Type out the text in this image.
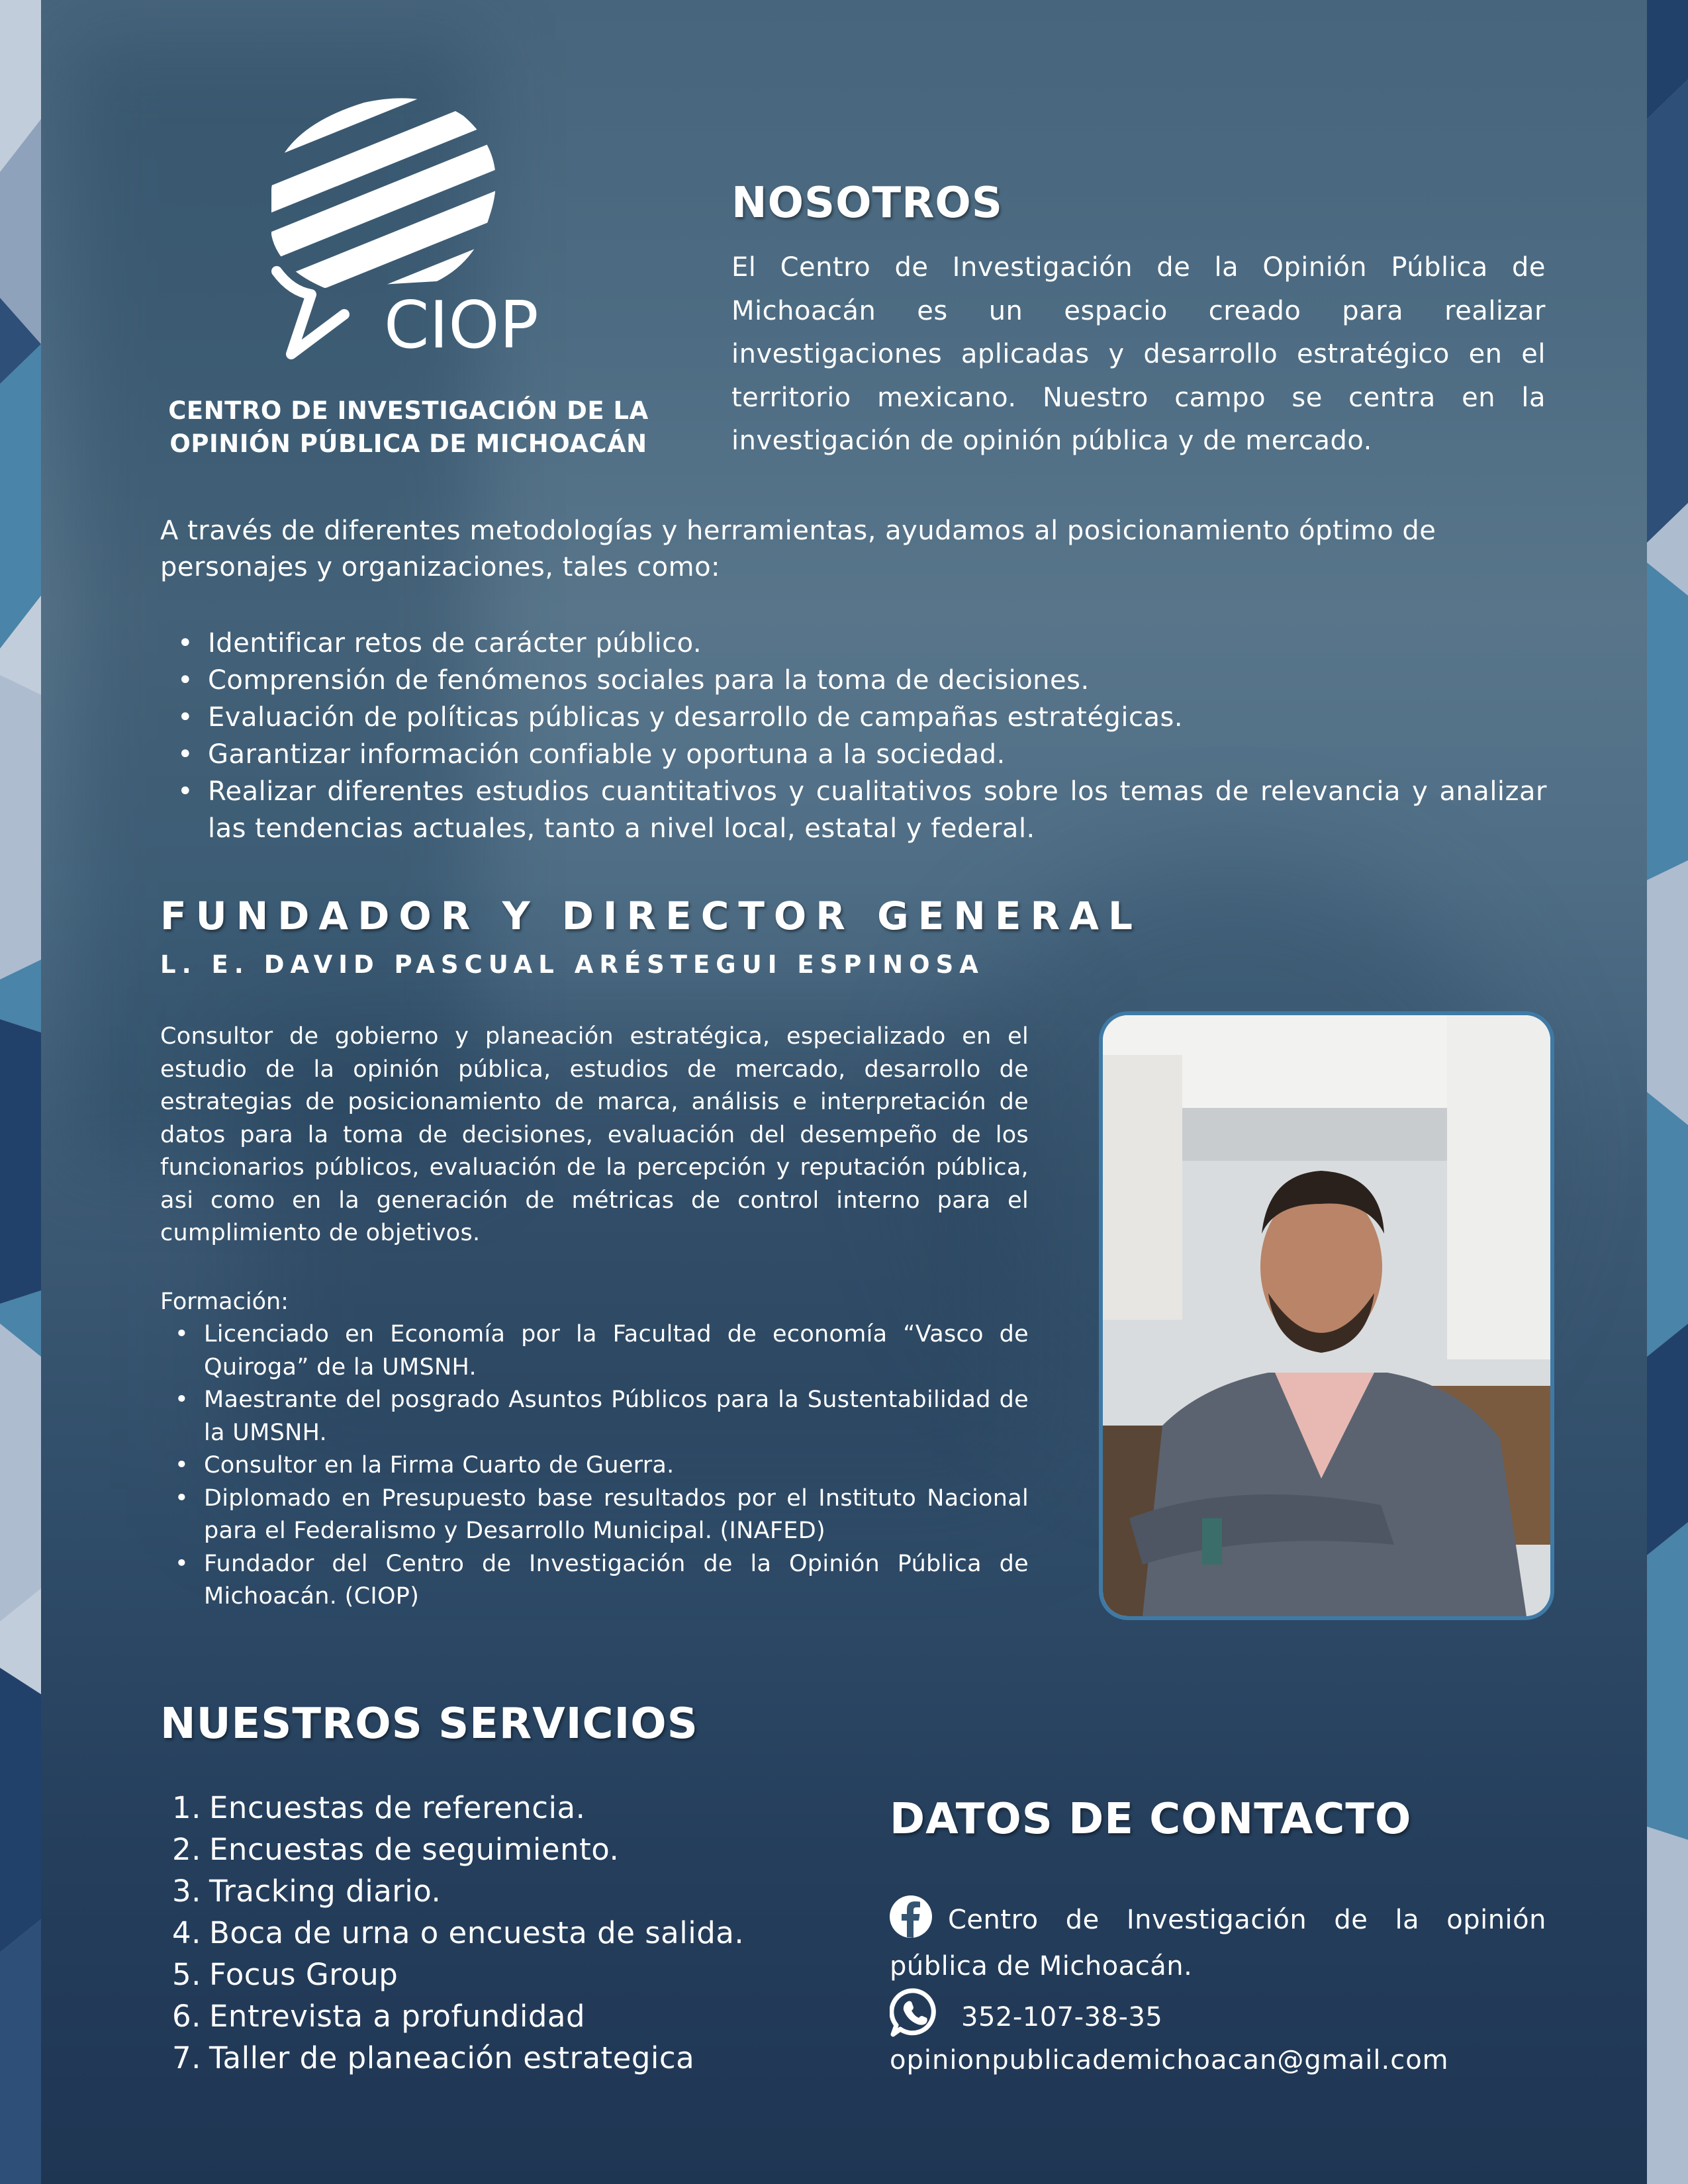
CIOP
CENTRO DE INVESTIGACIÓN DE LA
OPINIÓN PÚBLICA DE MICHOACÁN
NOSOTROS
El Centro de Investigación de la Opinión Pública de Michoacán es un espacio creado para realizar investigaciones aplicadas y desarrollo estratégico en el territorio mexicano. Nuestro campo se centra en la investigación de opinión pública y de mercado.
A través de diferentes metodologías y herramientas, ayudamos al posicionamiento óptimo de personajes y organizaciones, tales como:
• Identificar retos de carácter público.
• Comprensión de fenómenos sociales para la toma de decisiones.
• Evaluación de políticas públicas y desarrollo de campañas estratégicas.
• Garantizar información confiable y oportuna a la sociedad.
• Realizar diferentes estudios cuantitativos y cualitativos sobre los temas de relevancia y analizar las tendencias actuales, tanto a nivel local, estatal y federal.
FUNDADOR Y DIRECTOR GENERAL
L. E. DAVID PASCUAL ARÉSTEGUI ESPINOSA
Consultor de gobierno y planeación estratégica, especializado en el estudio de la opinión pública, estudios de mercado, desarrollo de estrategias de posicionamiento de marca, análisis e interpretación de datos para la toma de decisiones, evaluación del desempeño de los funcionarios públicos, evaluación de la percepción y reputación pública, asi como en la generación de métricas de control interno para el cumplimiento de objetivos.
Formación:
• Licenciado en Economía por la Facultad de economía “Vasco de Quiroga” de la UMSNH.
• Maestrante del posgrado Asuntos Públicos para la Sustentabilidad de la UMSNH.
• Consultor en la Firma Cuarto de Guerra.
• Diplomado en Presupuesto base resultados por el Instituto Nacional para el Federalismo y Desarrollo Municipal. (INAFED)
• Fundador del Centro de Investigación de la Opinión Pública de Michoacán. (CIOP)
NUESTROS SERVICIOS
1. Encuestas de referencia.
2. Encuestas de seguimiento.
3. Tracking diario.
4. Boca de urna o encuesta de salida.
5. Focus Group
6. Entrevista a profundidad
7. Taller de planeación estrategica
DATOS DE CONTACTO
Centro de Investigación de la opinión pública de Michoacán.
352-107-38-35
opinionpublicademichoacan@gmail.com
